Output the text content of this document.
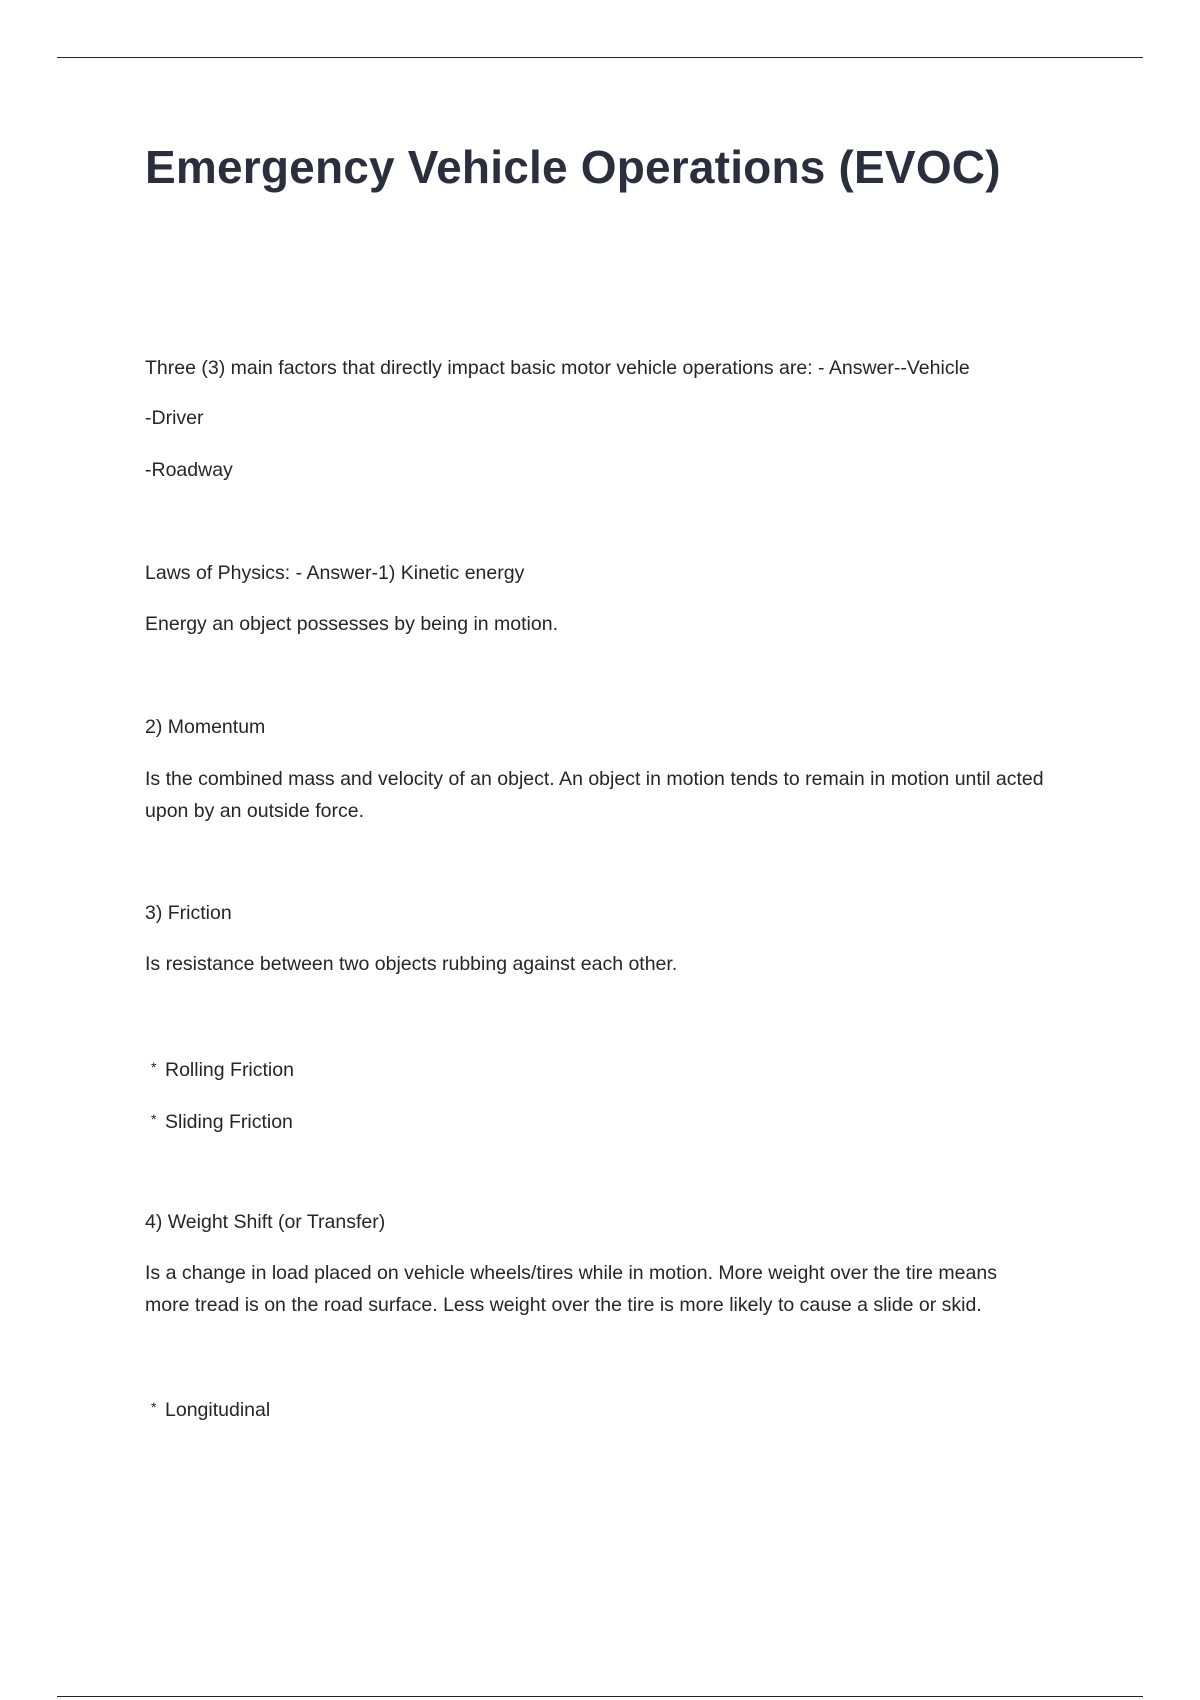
Emergency Vehicle Operations (EVOC)

Three (3) main factors that directly impact basic motor vehicle operations are: - Answer--Vehicle

-Driver

-Roadway

Laws of Physics: - Answer-1) Kinetic energy

Energy an object possesses by being in motion.

2) Momentum

Is the combined mass and velocity of an object. An object in motion tends to remain in motion until acted upon by an outside force.

3) Friction

Is resistance between two objects rubbing against each other.

* Rolling Friction

* Sliding Friction

4) Weight Shift (or Transfer)

Is a change in load placed on vehicle wheels/tires while in motion. More weight over the tire means more tread is on the road surface. Less weight over the tire is more likely to cause a slide or skid.

* Longitudinal
